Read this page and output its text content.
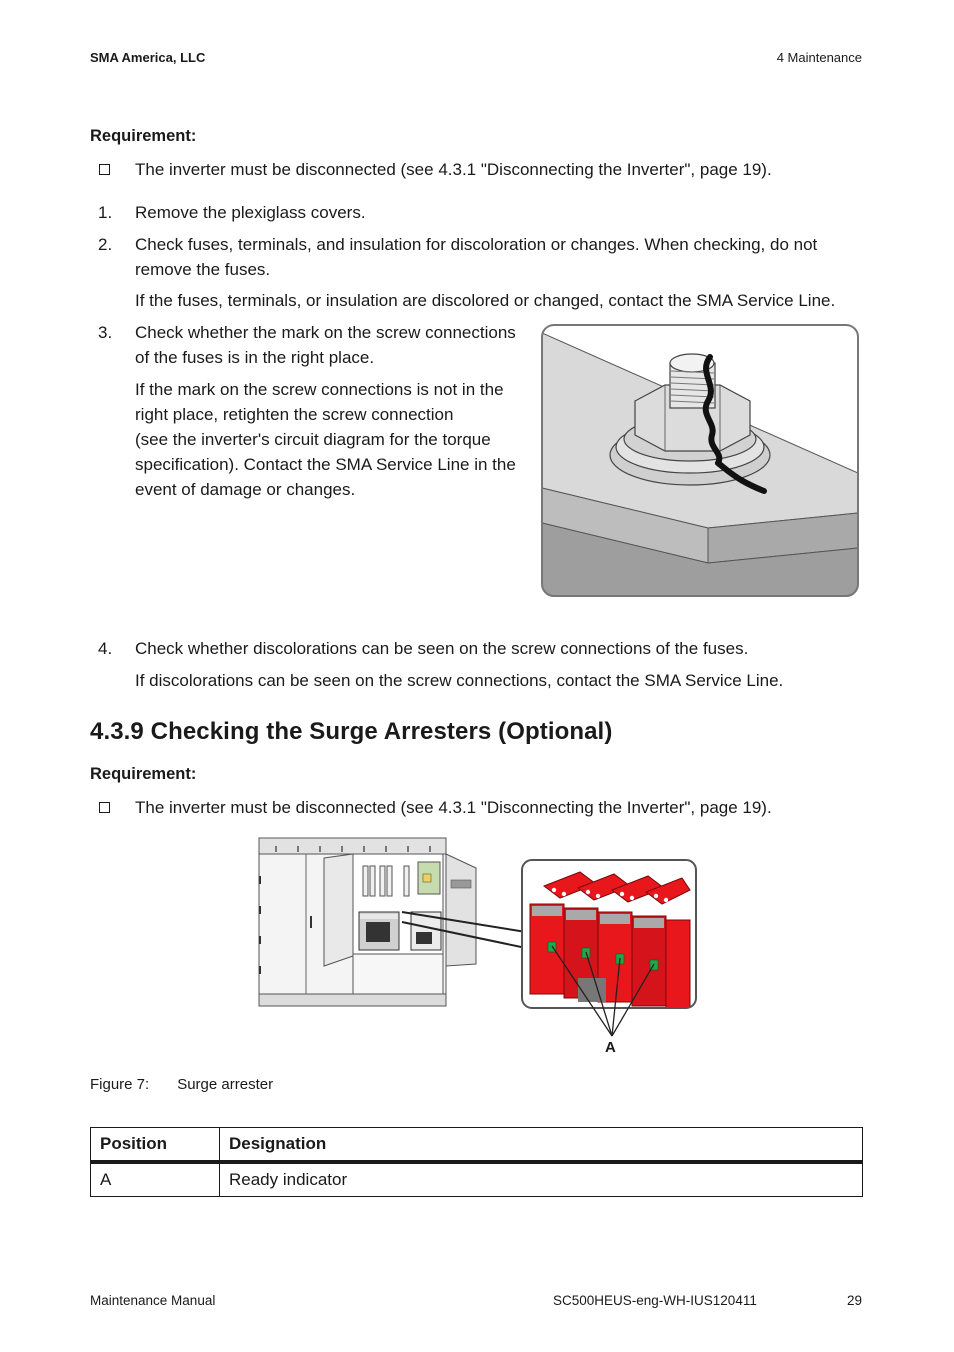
SMA America, LLC	4 Maintenance
Requirement:
The inverter must be disconnected (see 4.3.1 "Disconnecting the Inverter", page 19).
1.	Remove the plexiglass covers.
2.	Check fuses, terminals, and insulation for discoloration or changes. When checking, do not
remove the fuses.
If the fuses, terminals, or insulation are discolored or changed, contact the SMA Service Line.
3.	Check whether the mark on the screw connections
of the fuses is in the right place.
If the mark on the screw connections is not in the
right place, retighten the screw connection
(see the inverter's circuit diagram for the torque
specification). Contact the SMA Service Line in the
event of damage or changes.
4.	Check whether discolorations can be seen on the screw connections of the fuses.
If discolorations can be seen on the screw connections, contact the SMA Service Line.
4.3.9 Checking the Surge Arresters (Optional)
Requirement:
The inverter must be disconnected (see 4.3.1 "Disconnecting the Inverter", page 19).
A
Figure 7: Surge arrester
Position	Designation
A	Ready indicator
Maintenance Manual	SC500HEUS-eng-WH-IUS120411	29
